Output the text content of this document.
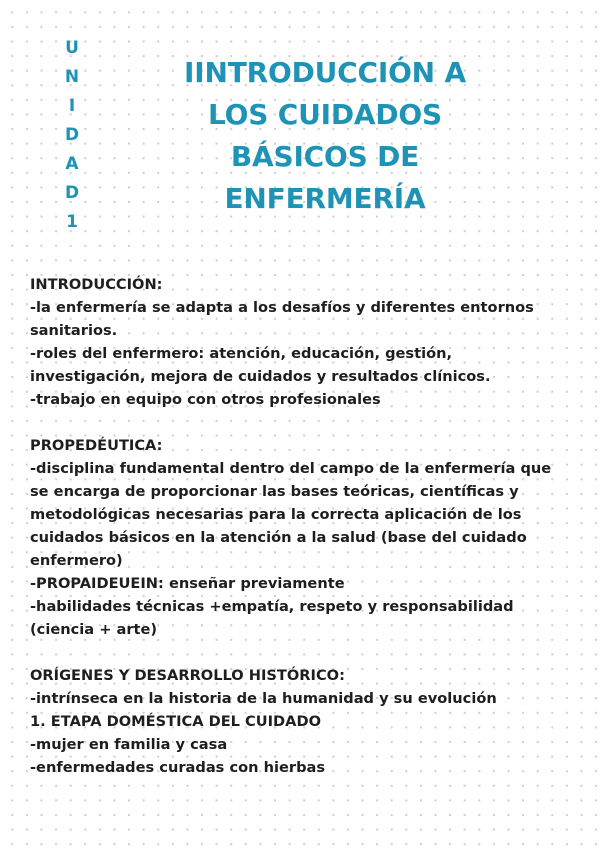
U
N
I
D
A
D
1
IINTRODUCCIÓN A
LOS CUIDADOS
BÁSICOS DE
ENFERMERÍA
INTRODUCCIÓN:
-la enfermería se adapta a los desafíos y diferentes entornos
sanitarios.
-roles del enfermero: atención, educación, gestión,
investigación, mejora de cuidados y resultados clínicos.
-trabajo en equipo con otros profesionales
PROPEDÉUTICA:
-disciplina fundamental dentro del campo de la enfermería que
se encarga de proporcionar las bases teóricas, científicas y
metodológicas necesarias para la correcta aplicación de los
cuidados básicos en la atención a la salud (base del cuidado
enfermero)
-PROPAIDEUEIN: enseñar previamente
-habilidades técnicas +empatía, respeto y responsabilidad
(ciencia + arte)
ORÍGENES Y DESARROLLO HISTÓRICO:
-intrínseca en la historia de la humanidad y su evolución
1. ETAPA DOMÉSTICA DEL CUIDADO
-mujer en familia y casa
-enfermedades curadas con hierbas
